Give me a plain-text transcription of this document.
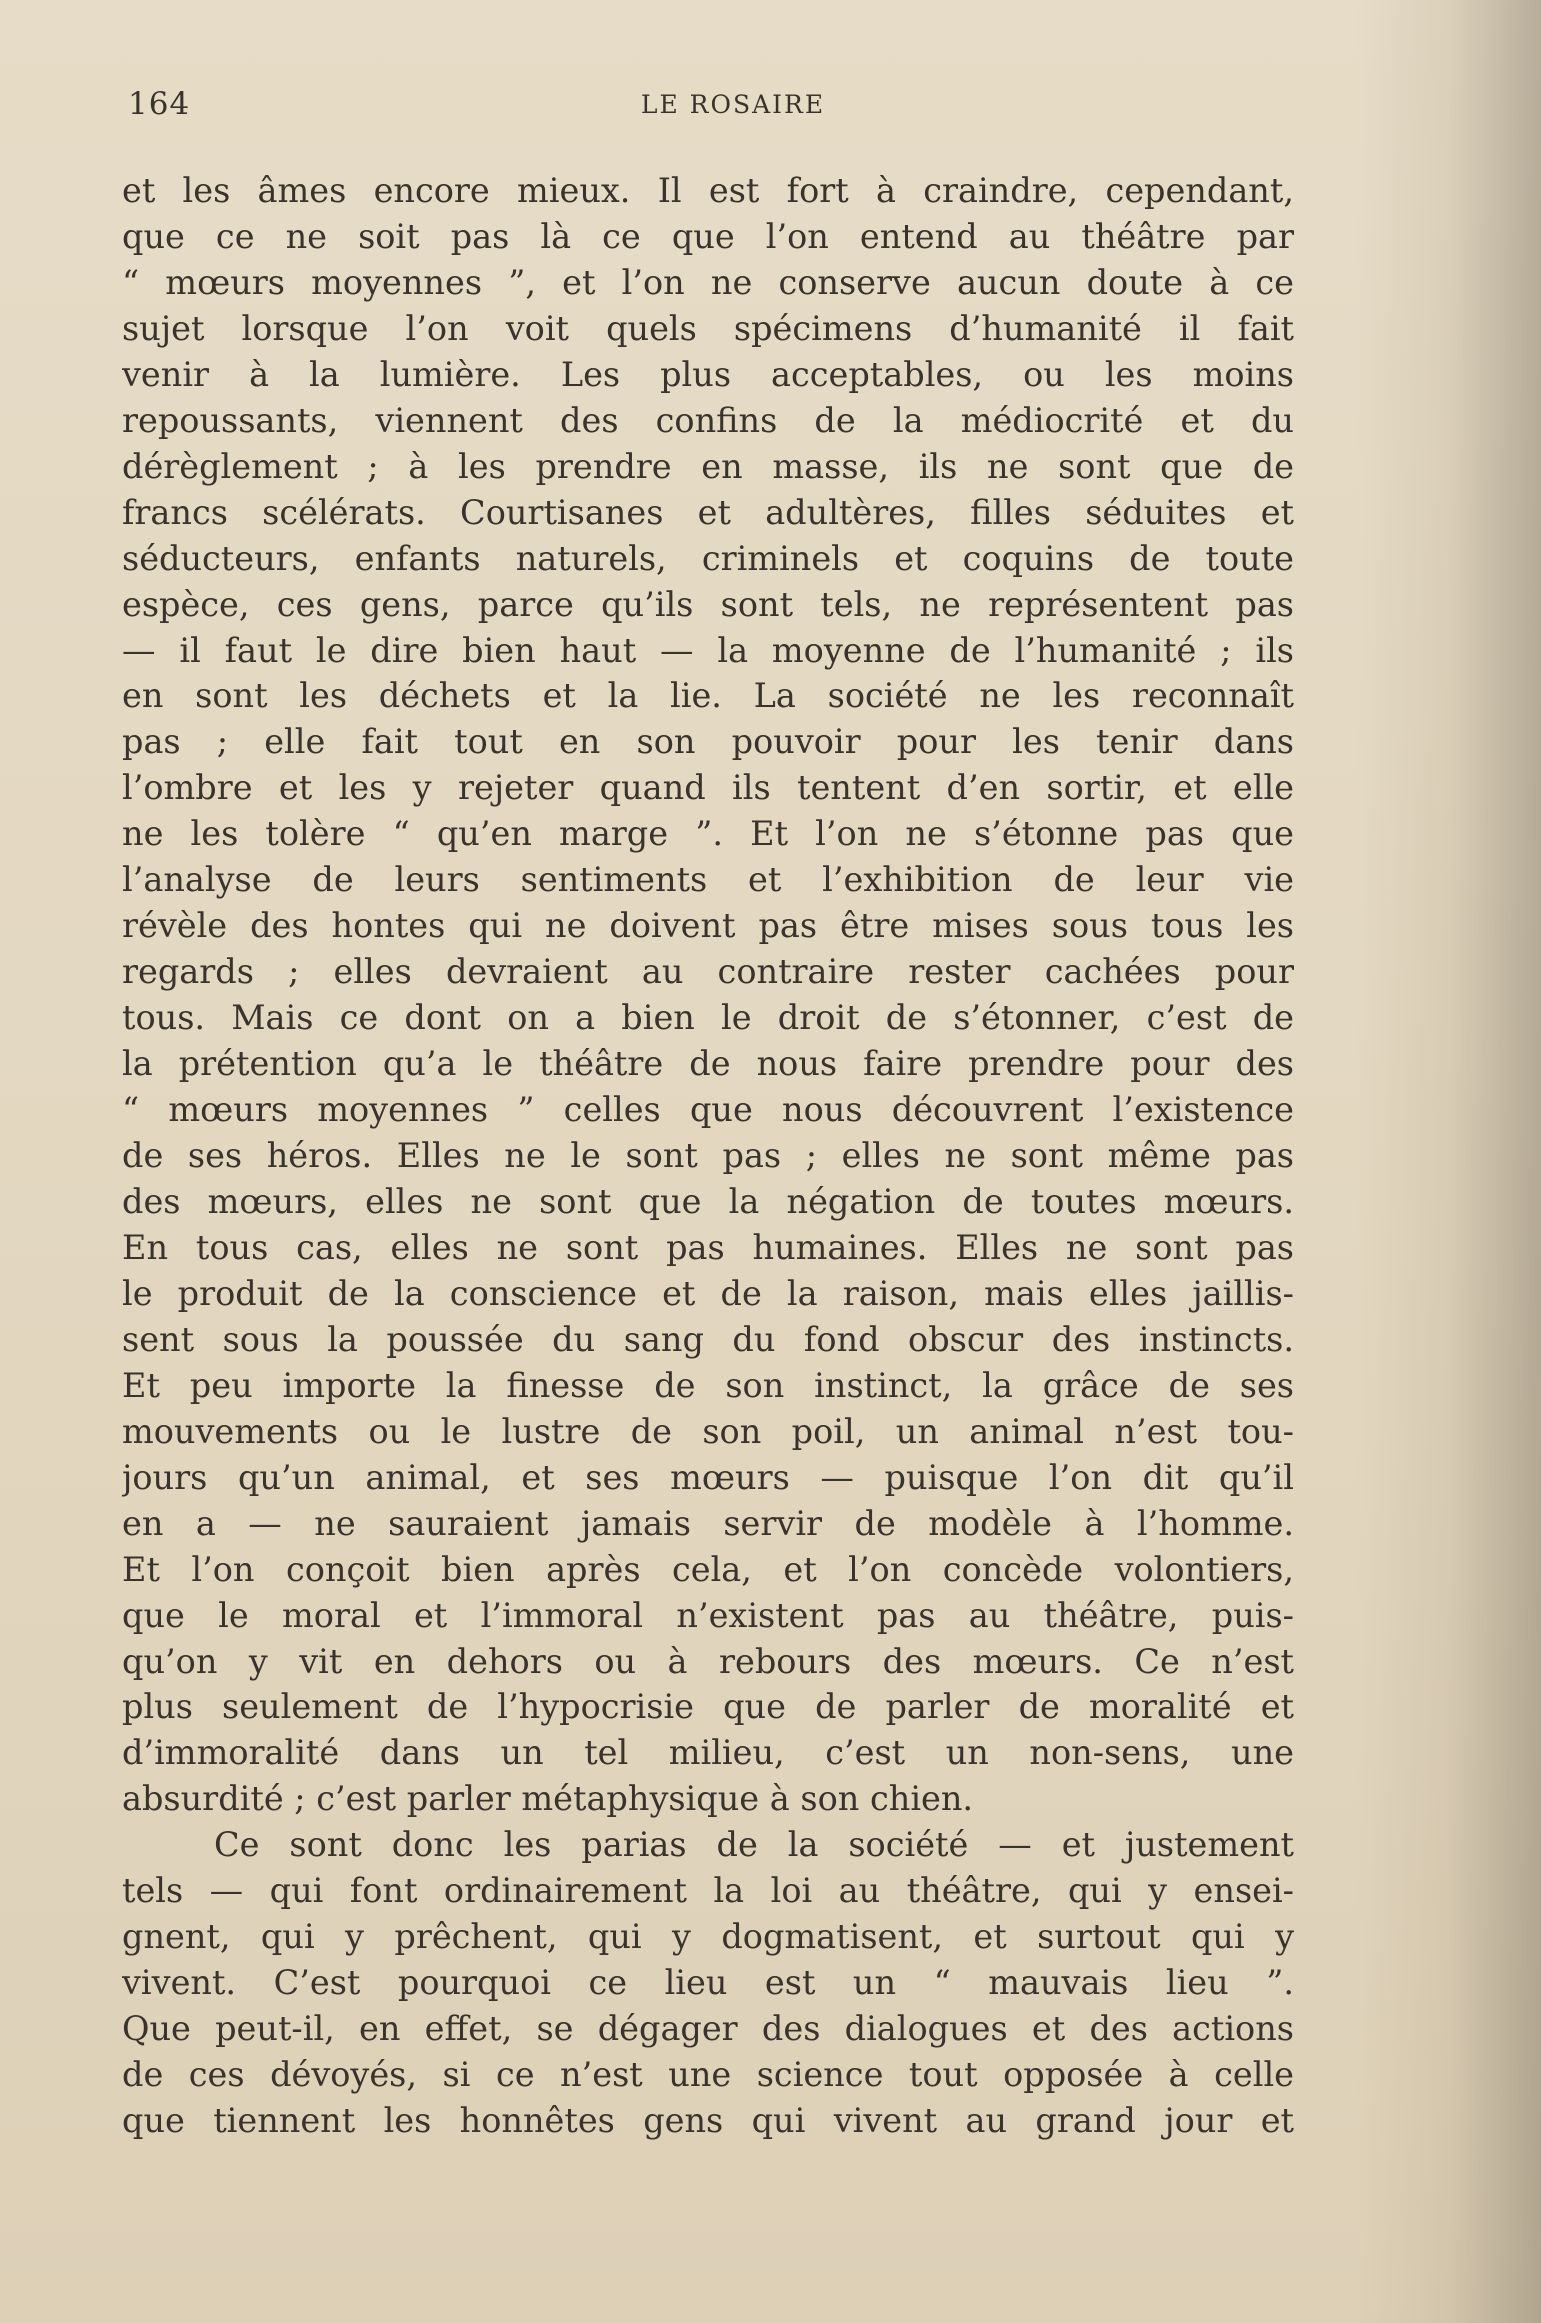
164	LE ROSAIRE

et les âmes encore mieux. Il est fort à craindre, cependant,
que ce ne soit pas là ce que l’on entend au théâtre par
“ mœurs moyennes ”, et l’on ne conserve aucun doute à ce
sujet lorsque l’on voit quels spécimens d’humanité il fait
venir à la lumière. Les plus acceptables, ou les moins
repoussants, viennent des confins de la médiocrité et du
dérèglement ; à les prendre en masse, ils ne sont que de
francs scélérats. Courtisanes et adultères, filles séduites et
séducteurs, enfants naturels, criminels et coquins de toute
espèce, ces gens, parce qu’ils sont tels, ne représentent pas
— il faut le dire bien haut — la moyenne de l’humanité ; ils
en sont les déchets et la lie. La société ne les reconnaît
pas ; elle fait tout en son pouvoir pour les tenir dans
l’ombre et les y rejeter quand ils tentent d’en sortir, et elle
ne les tolère “ qu’en marge ”. Et l’on ne s’étonne pas que
l’analyse de leurs sentiments et l’exhibition de leur vie
révèle des hontes qui ne doivent pas être mises sous tous les
regards ; elles devraient au contraire rester cachées pour
tous. Mais ce dont on a bien le droit de s’étonner, c’est de
la prétention qu’a le théâtre de nous faire prendre pour des
“ mœurs moyennes ” celles que nous découvrent l’existence
de ses héros. Elles ne le sont pas ; elles ne sont même pas
des mœurs, elles ne sont que la négation de toutes mœurs.
En tous cas, elles ne sont pas humaines. Elles ne sont pas
le produit de la conscience et de la raison, mais elles jaillis-
sent sous la poussée du sang du fond obscur des instincts.
Et peu importe la finesse de son instinct, la grâce de ses
mouvements ou le lustre de son poil, un animal n’est tou-
jours qu’un animal, et ses mœurs — puisque l’on dit qu’il
en a — ne sauraient jamais servir de modèle à l’homme.
Et l’on conçoit bien après cela, et l’on concède volontiers,
que le moral et l’immoral n’existent pas au théâtre, puis-
qu’on y vit en dehors ou à rebours des mœurs. Ce n’est
plus seulement de l’hypocrisie que de parler de moralité et
d’immoralité dans un tel milieu, c’est un non-sens, une
absurdité ; c’est parler métaphysique à son chien.

Ce sont donc les parias de la société — et justement
tels — qui font ordinairement la loi au théâtre, qui y ensei-
gnent, qui y prêchent, qui y dogmatisent, et surtout qui y
vivent. C’est pourquoi ce lieu est un “ mauvais lieu ”.
Que peut-il, en effet, se dégager des dialogues et des actions
de ces dévoyés, si ce n’est une science tout opposée à celle
que tiennent les honnêtes gens qui vivent au grand jour et
